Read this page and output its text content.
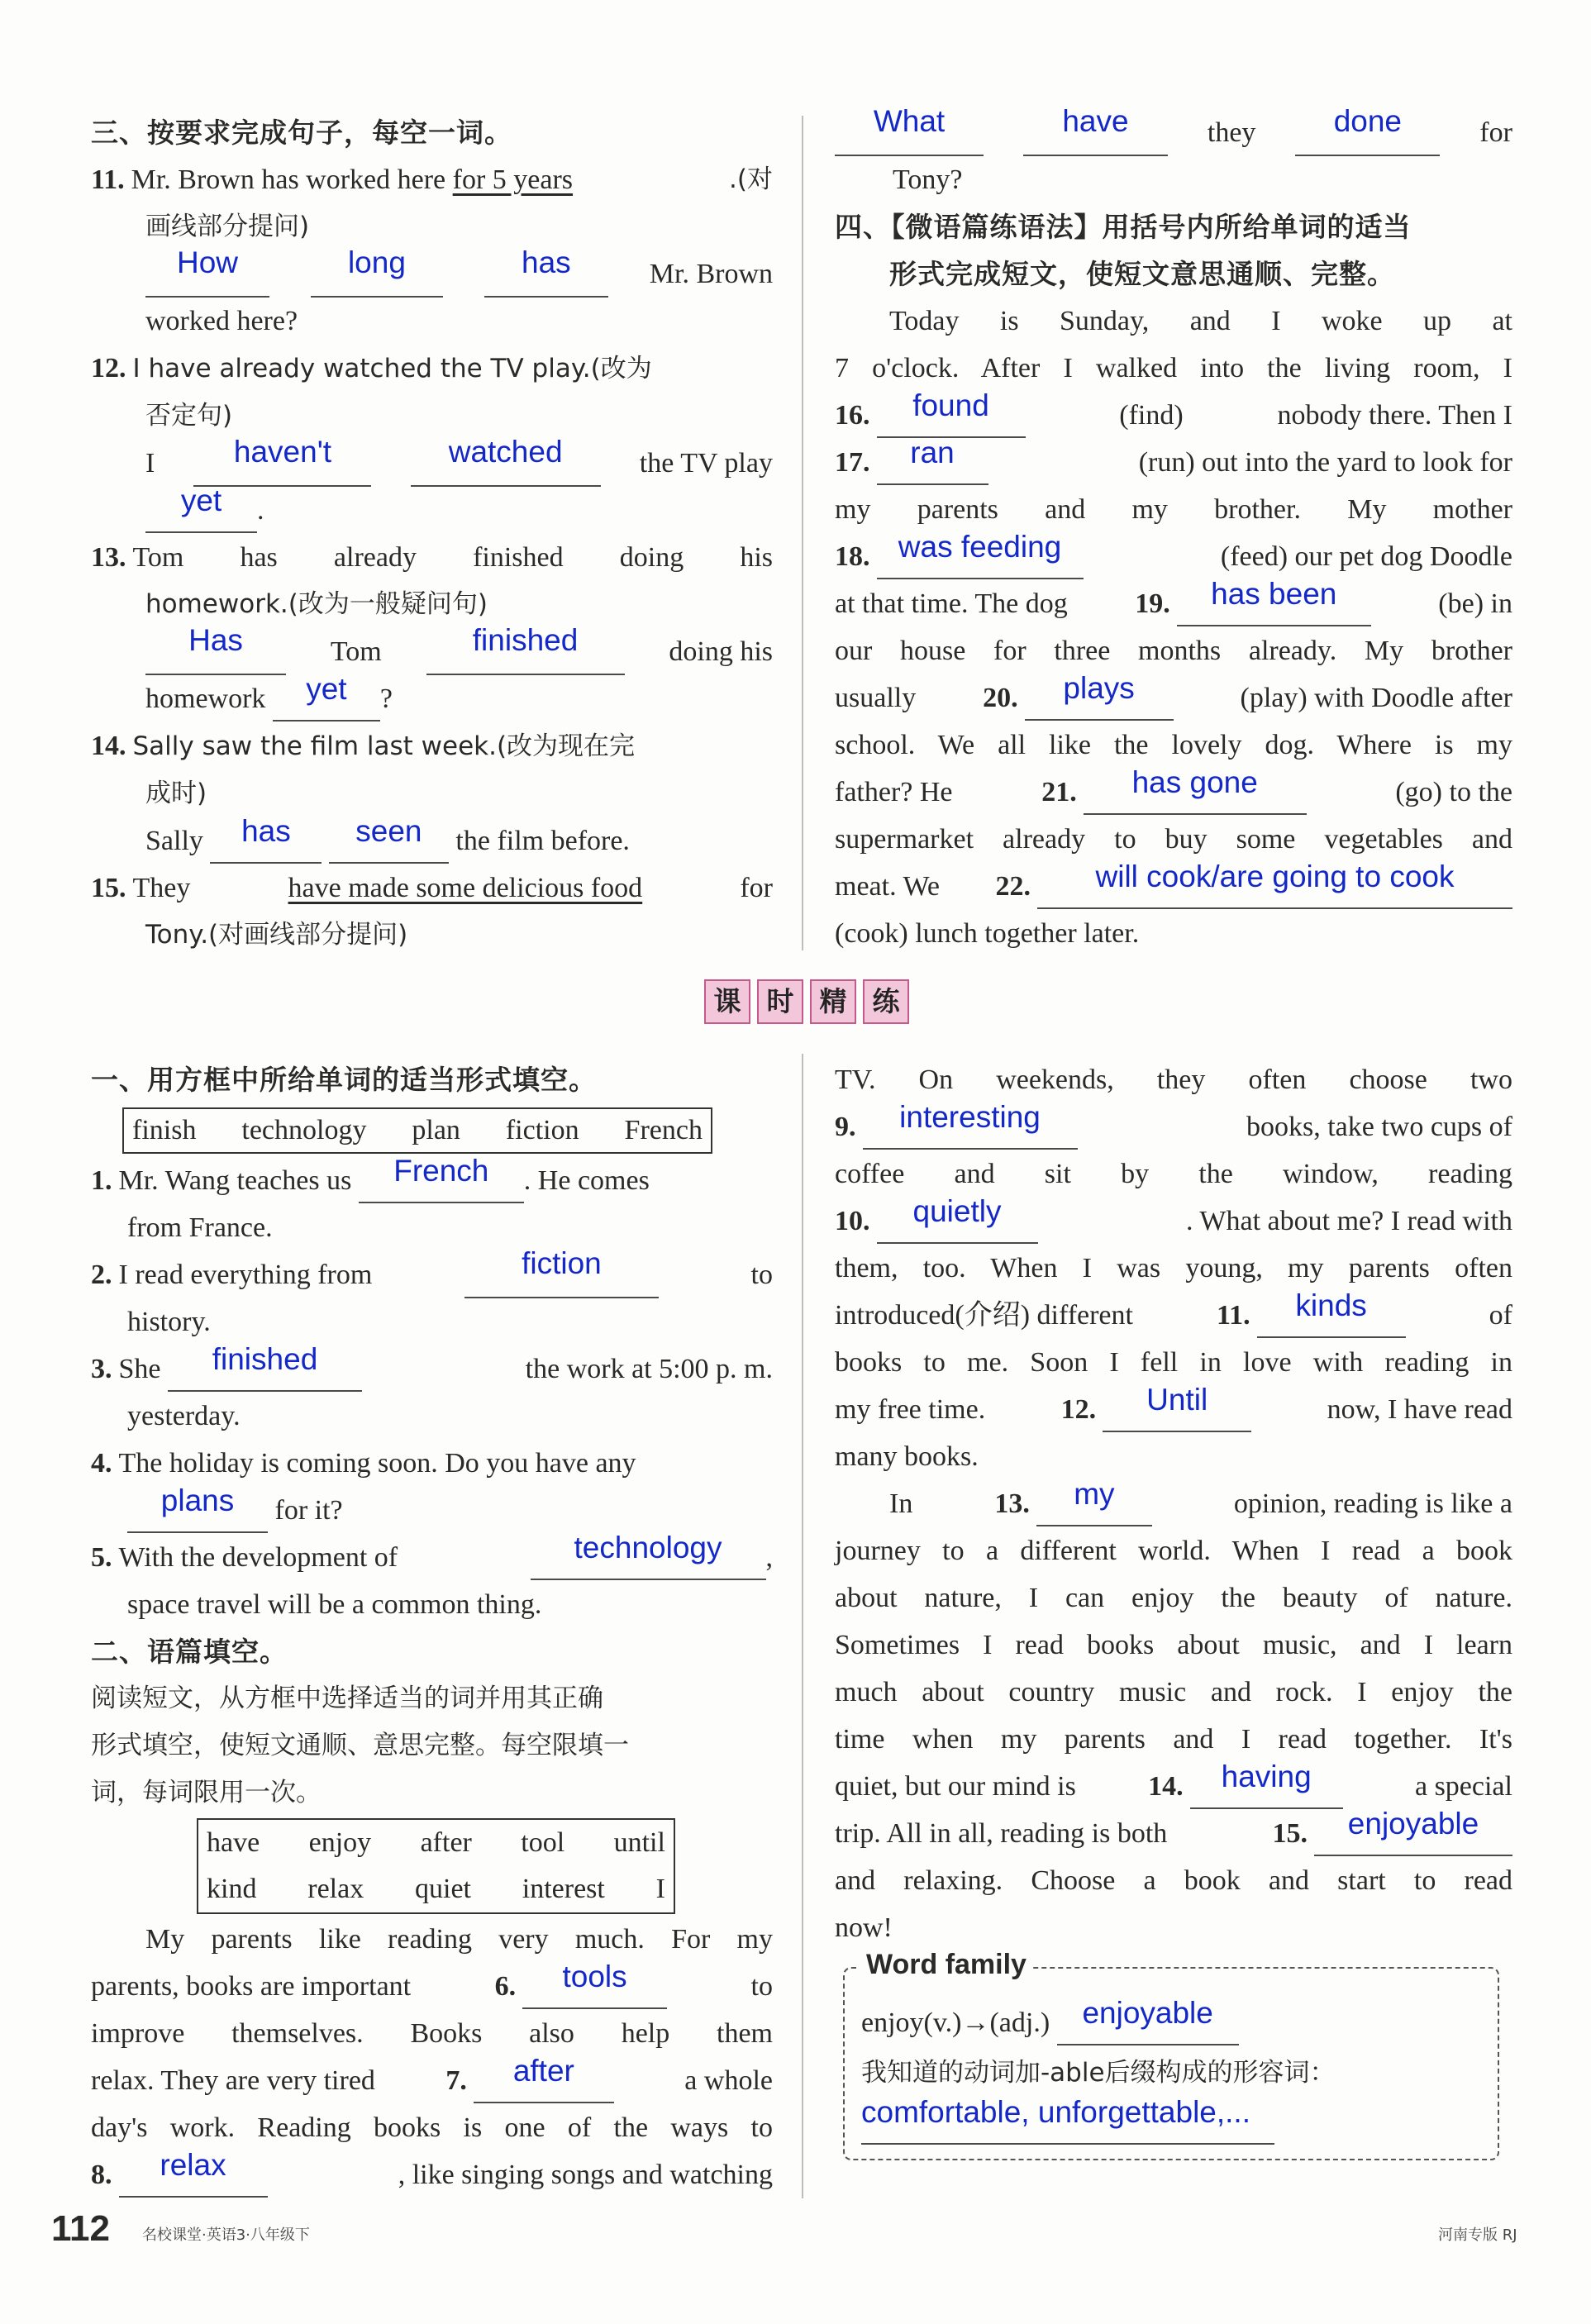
三、按要求完成句子，每空一词。
11. Mr. Brown has worked here for 5 years	.(对
画线部分提问)
How	long	has	Mr. Brown
worked here?
12. I have already watched the TV play.(改为
否定句)
I	haven't	watched	the TV play
yet .
13. Tom has already finished doing his
homework.(改为一般疑问句)
Has	Tom	finished	doing his
homework yet ?
14. Sally saw the film last week.(改为现在完
成时)
Sally has seen the film before.
15. They	have made some delicious food	for
Tony.(对画线部分提问)
What	have	they	done	for
Tony?
四、【微语篇练语法】用括号内所给单词的适当
形式完成短文，使短文意思通顺、完整。
Today is Sunday, and I woke up at
7 o'clock. After I walked into the living room, I
16. found	(find)	nobody there. Then I
17. ran	(run) out into the yard to look for
my parents and my brother. My mother
18. was feeding	(feed) our pet dog Doodle
at that time. The dog 19. has been	(be) in
our house for three months already. My brother
usually 20. plays	(play) with Doodle after
school. We all like the lovely dog. Where is my
father? He	21. has gone	(go) to the
supermarket already to buy some vegetables and
meat. We 22. will cook/are going to cook
(cook) lunch together later.
课 时 精 练
一、用方框中所给单词的适当形式填空。
finish technology plan fiction French
1. Mr. Wang teaches us French . He comes
from France.
2. I read everything from	fiction	to
history.
3. She finished	the work at 5:00 p. m.
yesterday.
4. The holiday is coming soon. Do you have any
plans for it?
5. With the development of	technology ,
space travel will be a common thing.
二、语篇填空。
阅读短文，从方框中选择适当的词并用其正确
形式填空，使短文通顺、意思完整。每空限填一
词，每词限用一次。
have enjoy after tool until
kind relax quiet interest I
My parents like reading very much. For my
parents, books are important	6. tools	to
improve themselves. Books also help them
relax. They are very tired	7. after	a whole
day's work. Reading books is one of the ways to
8. relax	, like singing songs and watching
TV. On weekends, they often choose two
9. interesting	books, take two cups of
coffee and sit by the window, reading
10. quietly	. What about me? I read with
them, too. When I was young, my parents often
introduced(介绍) different	11. kinds	of
books to me. Soon I fell in love with reading in
my free time.	12. Until	now, I have read
many books.
In	13. my	opinion, reading is like a
journey to a different world. When I read a book
about nature, I can enjoy the beauty of nature.
Sometimes I read books about music, and I learn
much about country music and rock. I enjoy the
time when my parents and I read together. It's
quiet, but our mind is	14. having	a special
trip. All in all, reading is both	15. enjoyable
and relaxing. Choose a book and start to read
now!
Word family
enjoy(v.)→(adj.) enjoyable
我知道的动词加-able后缀构成的形容词：
comfortable, unforgettable,...
112 名校课堂·英语3·八年级下	河南专版 RJ
